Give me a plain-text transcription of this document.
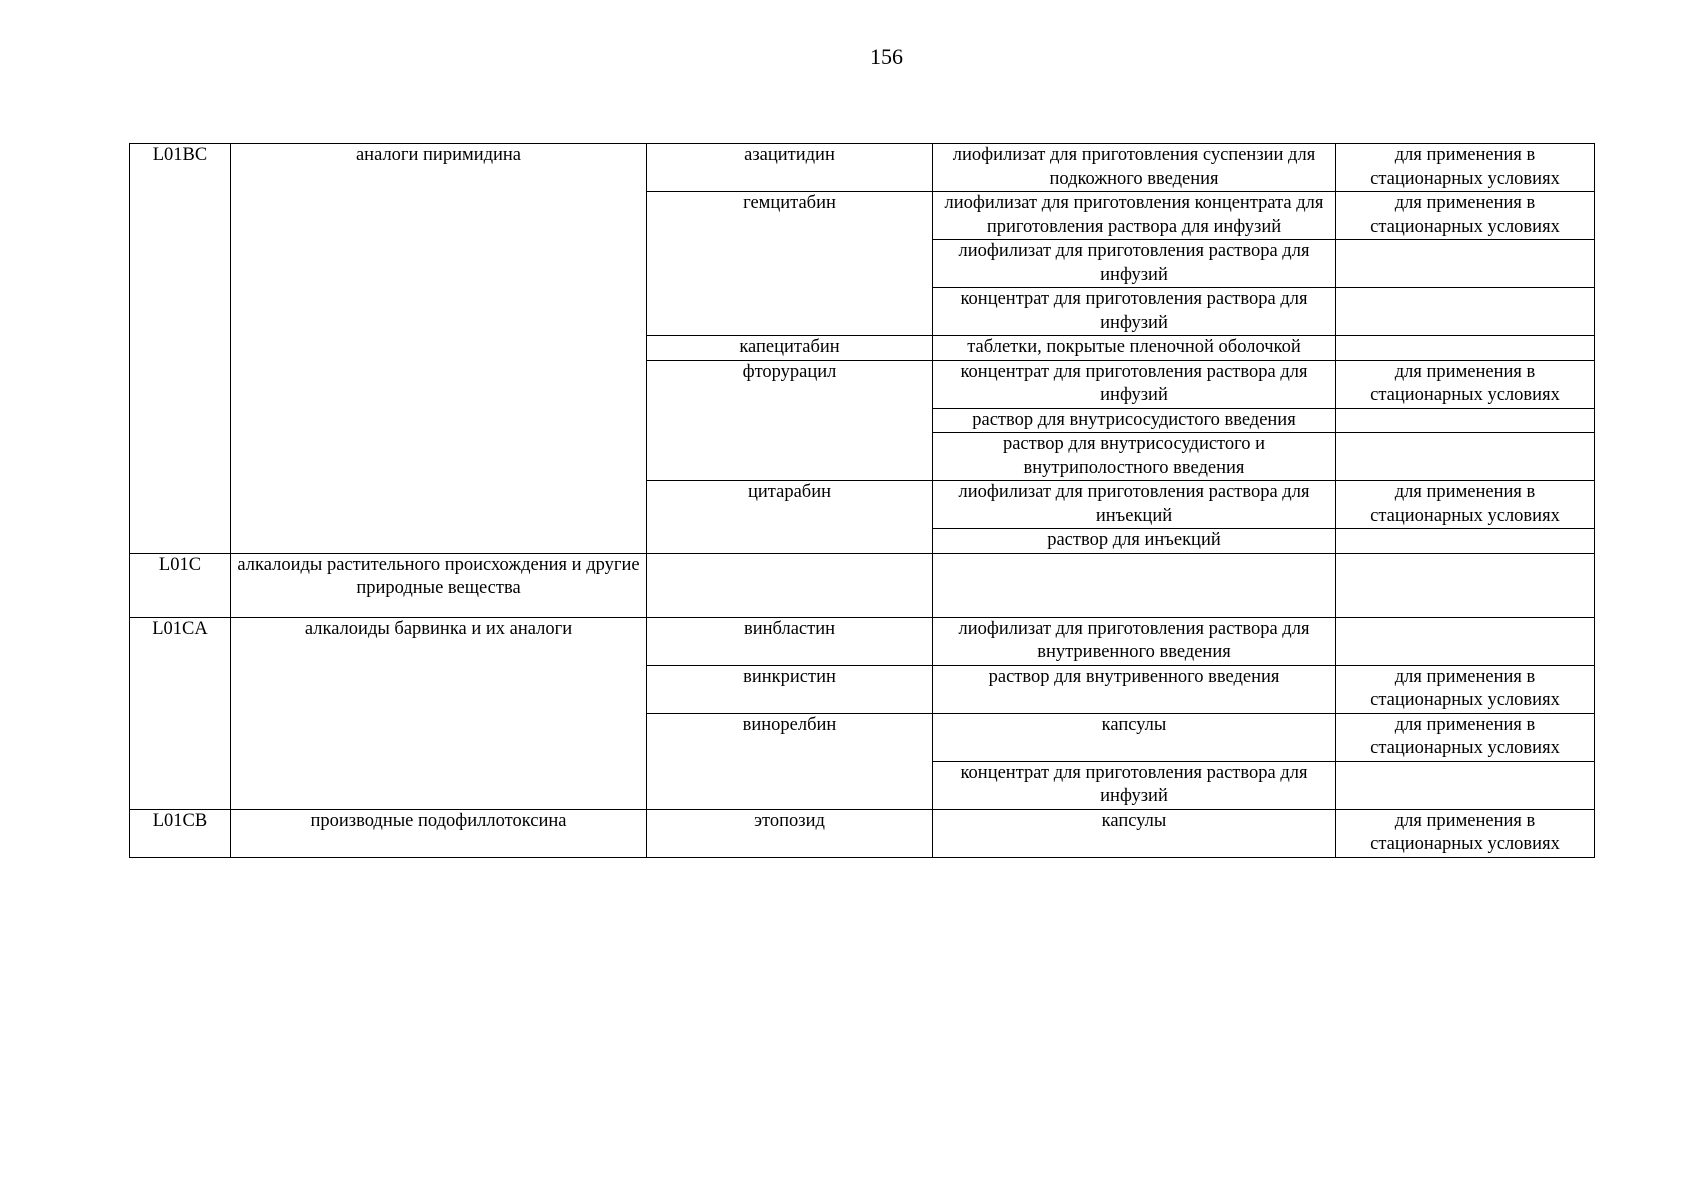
156
L01BC	аналоги пиримидина	азацитидин	лиофилизат для приготовления суспензии для подкожного введения	для применения в стационарных условиях
		гемцитабин	лиофилизат для приготовления концентрата для приготовления раствора для инфузий	для применения в стационарных условиях
			лиофилизат для приготовления раствора для инфузий	
			концентрат для приготовления раствора для инфузий	
		капецитабин	таблетки, покрытые пленочной оболочкой	
		фторурацил	концентрат для приготовления раствора для инфузий	для применения в стационарных условиях
			раствор для внутрисосудистого введения	
			раствор для внутрисосудистого и внутриполостного введения	
		цитарабин	лиофилизат для приготовления раствора для инъекций	для применения в стационарных условиях
			раствор для инъекций	
L01C	алкалоиды растительного происхождения и другие природные вещества			
L01CA	алкалоиды барвинка и их аналоги	винбластин	лиофилизат для приготовления раствора для внутривенного введения	
		винкристин	раствор для внутривенного введения	для применения в стационарных условиях
		винорелбин	капсулы	для применения в стационарных условиях
			концентрат для приготовления раствора для инфузий	
L01CB	производные подофиллотоксина	этопозид	капсулы	для применения в стационарных условиях
